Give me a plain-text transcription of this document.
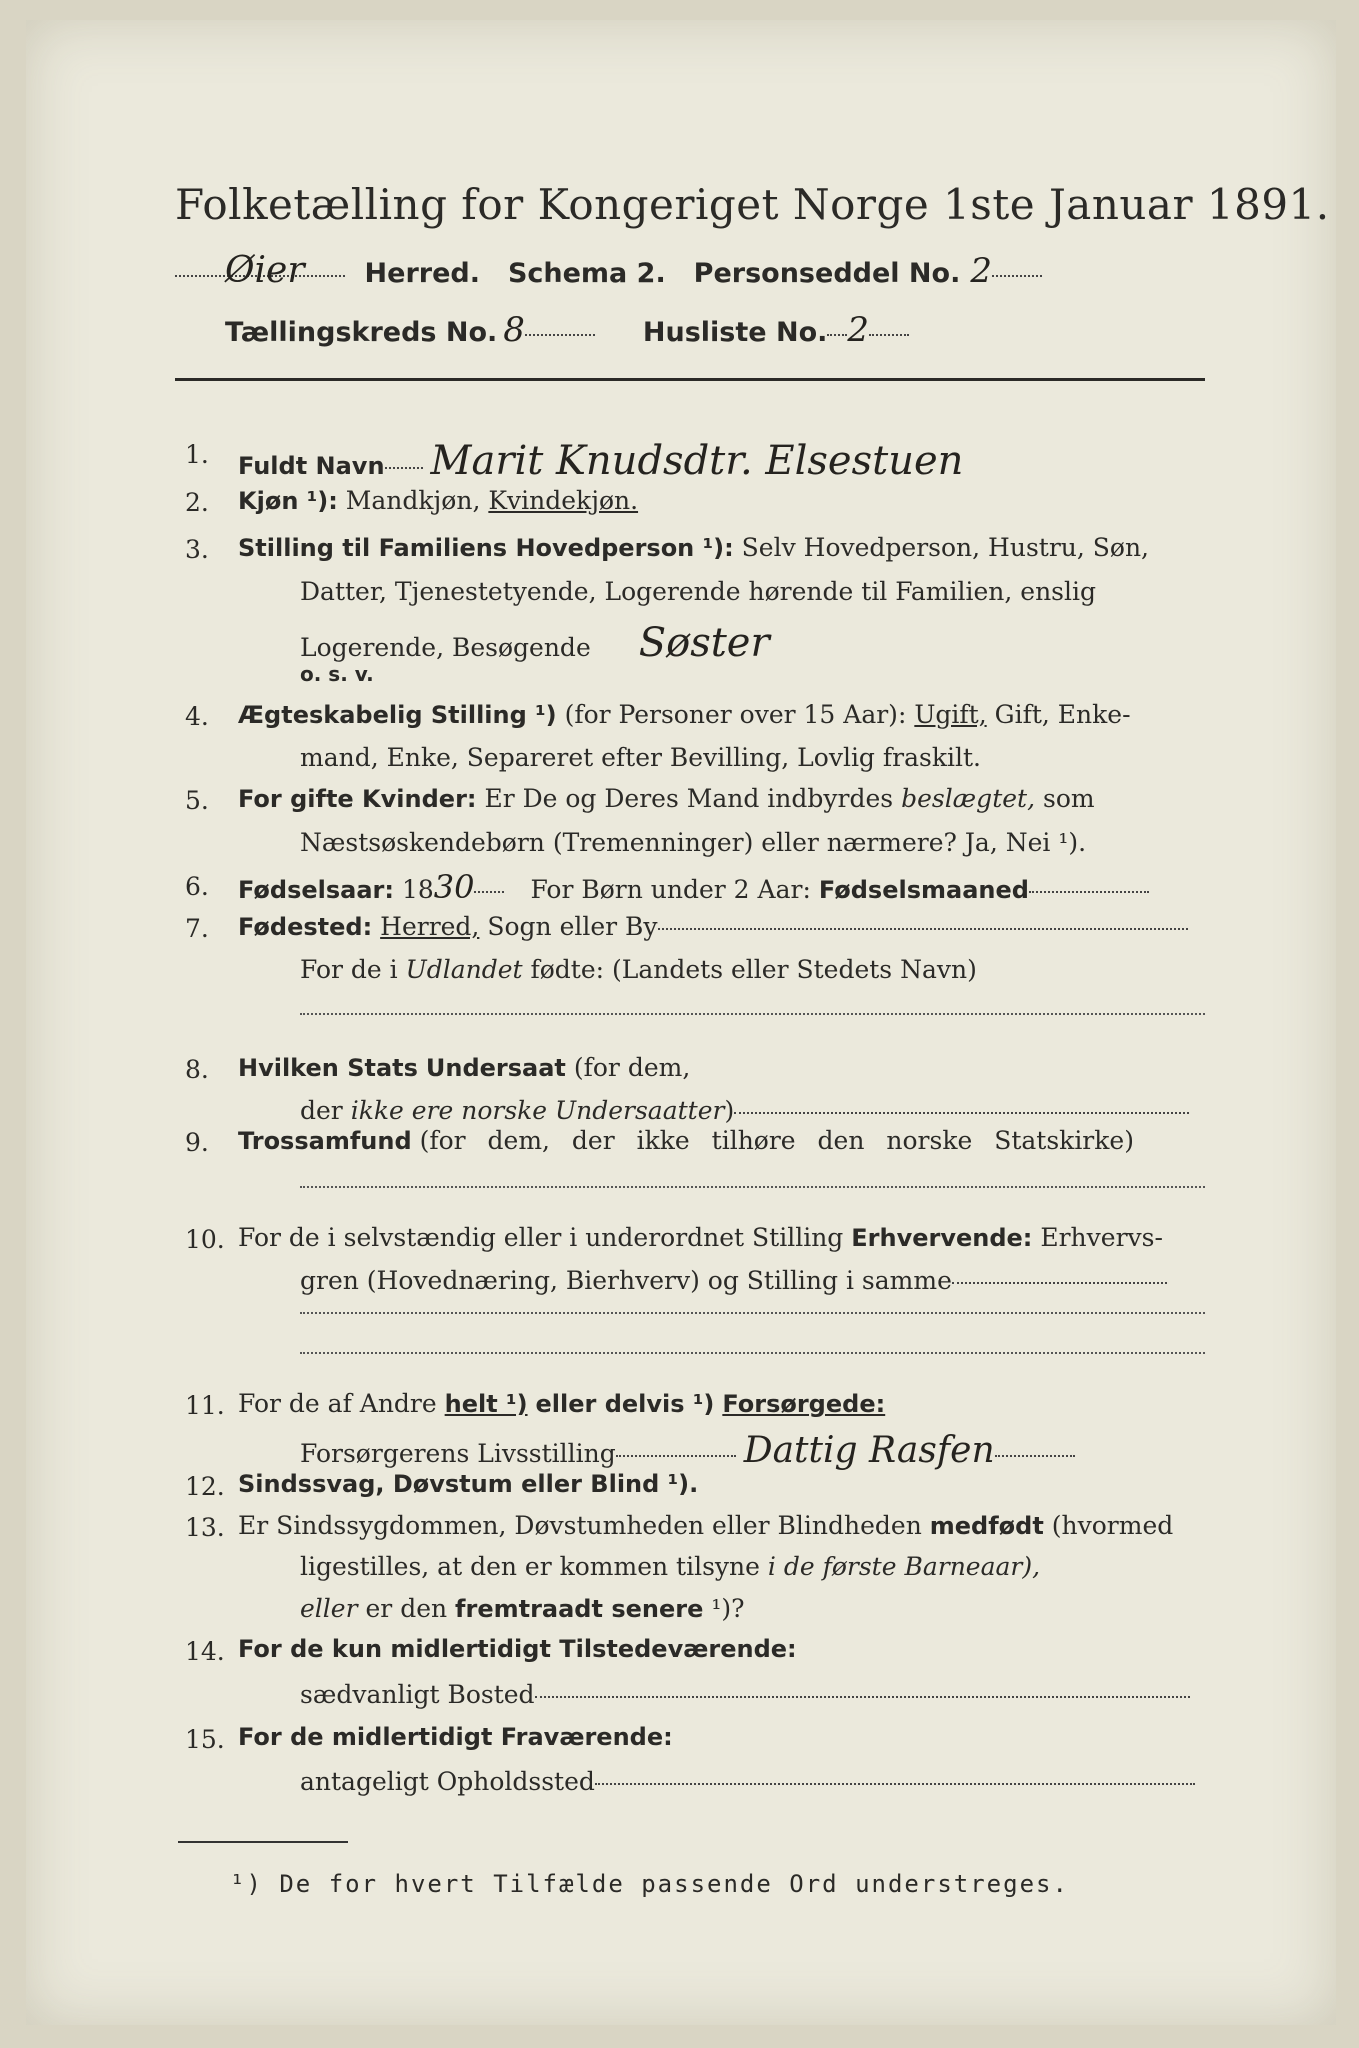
Folketælling for Kongeriget Norge 1ste Januar 1891.
Øier Herred. Schema 2. Personseddel No. 2
Tællingskreds No. 8	Husliste No. 2
1. Fuldt Navn Marit Knudsdtr. Elsestuen
2. Kjøn ¹): Mandkjøn, Kvindekjøn.
3. Stilling til Familiens Hovedperson ¹): Selv Hovedperson, Hustru, Søn,
Datter, Tjenestetyende, Logerende hørende til Familien, enslig
Logerende, Besøgende Søster
o. s. v.
4. Ægteskabelig Stilling ¹) (for Personer over 15 Aar): Ugift, Gift, Enke-
mand, Enke, Separeret efter Bevilling, Lovlig fraskilt.
5. For gifte Kvinder: Er De og Deres Mand indbyrdes beslægtet, som
Næstsøskendebørn (Tremenninger) eller nærmere? Ja, Nei ¹).
6. Fødselsaar: 1830 For Børn under 2 Aar: Fødselsmaaned
7. Fødested: Herred, Sogn eller By
For de i Udlandet fødte: (Landets eller Stedets Navn)
8. Hvilken Stats Undersaat (for dem,
der ikke ere norske Undersaatter)
9. Trossamfund (for dem, der ikke tilhøre den norske Statskirke)
10. For de i selvstændig eller i underordnet Stilling Erhvervende: Erhvervs-
gren (Hovednæring, Bierhverv) og Stilling i samme
11. For de af Andre helt ¹) eller delvis ¹) Forsørgede:
Forsørgerens Livsstilling	Dattig Rasfen
12. Sindssvag, Døvstum eller Blind ¹).
13. Er Sindssygdommen, Døvstumheden eller Blindheden medfødt (hvormed
ligestilles, at den er kommen tilsyne i de første Barneaar),
eller er den fremtraadt senere ¹)?
14. For de kun midlertidigt Tilstedeværende:
sædvanligt Bosted
15. For de midlertidigt Fraværende:
antageligt Opholdssted
¹) De for hvert Tilfælde passende Ord understreges.
